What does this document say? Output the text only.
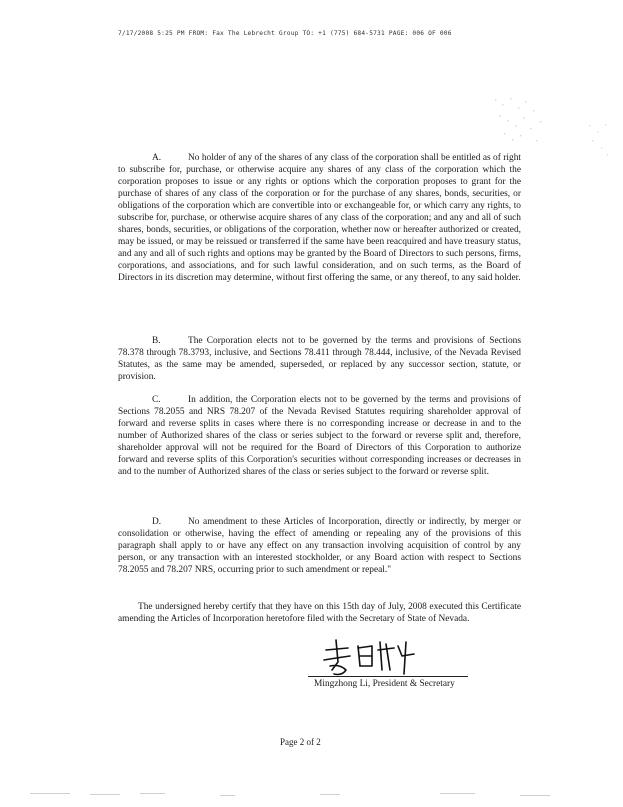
7/17/2008 5:25 PM FROM: Fax The Lebrecht Group TO: +1 (775) 684-5731 PAGE: 006 OF 006

A.	No holder of any of the shares of any class of the corporation shall be entitled as of right to subscribe for, purchase, or otherwise acquire any shares of any class of the corporation which the corporation proposes to issue or any rights or options which the corporation proposes to grant for the purchase of shares of any class of the corporation or for the purchase of any shares, bonds, securities, or obligations of the corporation which are convertible into or exchangeable for, or which carry any rights, to subscribe for, purchase, or otherwise acquire shares of any class of the corporation; and any and all of such shares, bonds, securities, or obligations of the corporation, whether now or hereafter authorized or created, may be issued, or may be reissued or transferred if the same have been reacquired and have treasury status, and any and all of such rights and options may be granted by the Board of Directors to such persons, firms, corporations, and associations, and for such lawful consideration, and on such terms, as the Board of Directors in its discretion may determine, without first offering the same, or any thereof, to any said holder.

B.	The Corporation elects not to be governed by the terms and provisions of Sections 78.378 through 78.3793, inclusive, and Sections 78.411 through 78.444, inclusive, of the Nevada Revised Statutes, as the same may be amended, superseded, or replaced by any successor section, statute, or provision.

C.	In addition, the Corporation elects not to be governed by the terms and provisions of Sections 78.2055 and NRS 78.207 of the Nevada Revised Statutes requiring shareholder approval of forward and reverse splits in cases where there is no corresponding increase or decrease in and to the number of Authorized shares of the class or series subject to the forward or reverse split and, therefore, shareholder approval will not be required for the Board of Directors of this Corporation to authorize forward and reverse splits of this Corporation's securities without corresponding increases or decreases in and to the number of Authorized shares of the class or series subject to the forward or reverse split.

D.	No amendment to these Articles of Incorporation, directly or indirectly, by merger or consolidation or otherwise, having the effect of amending or repealing any of the provisions of this paragraph shall apply to or have any effect on any transaction involving acquisition of control by any person, or any transaction with an interested stockholder, or any Board action with respect to Sections 78.2055 and 78.207 NRS, occurring prior to such amendment or repeal."

The undersigned hereby certify that they have on this 15th day of July, 2008 executed this Certificate amending the Articles of Incorporation heretofore filed with the Secretary of State of Nevada.

Mingzhong Li, President & Secretary
Page 2 of 2
